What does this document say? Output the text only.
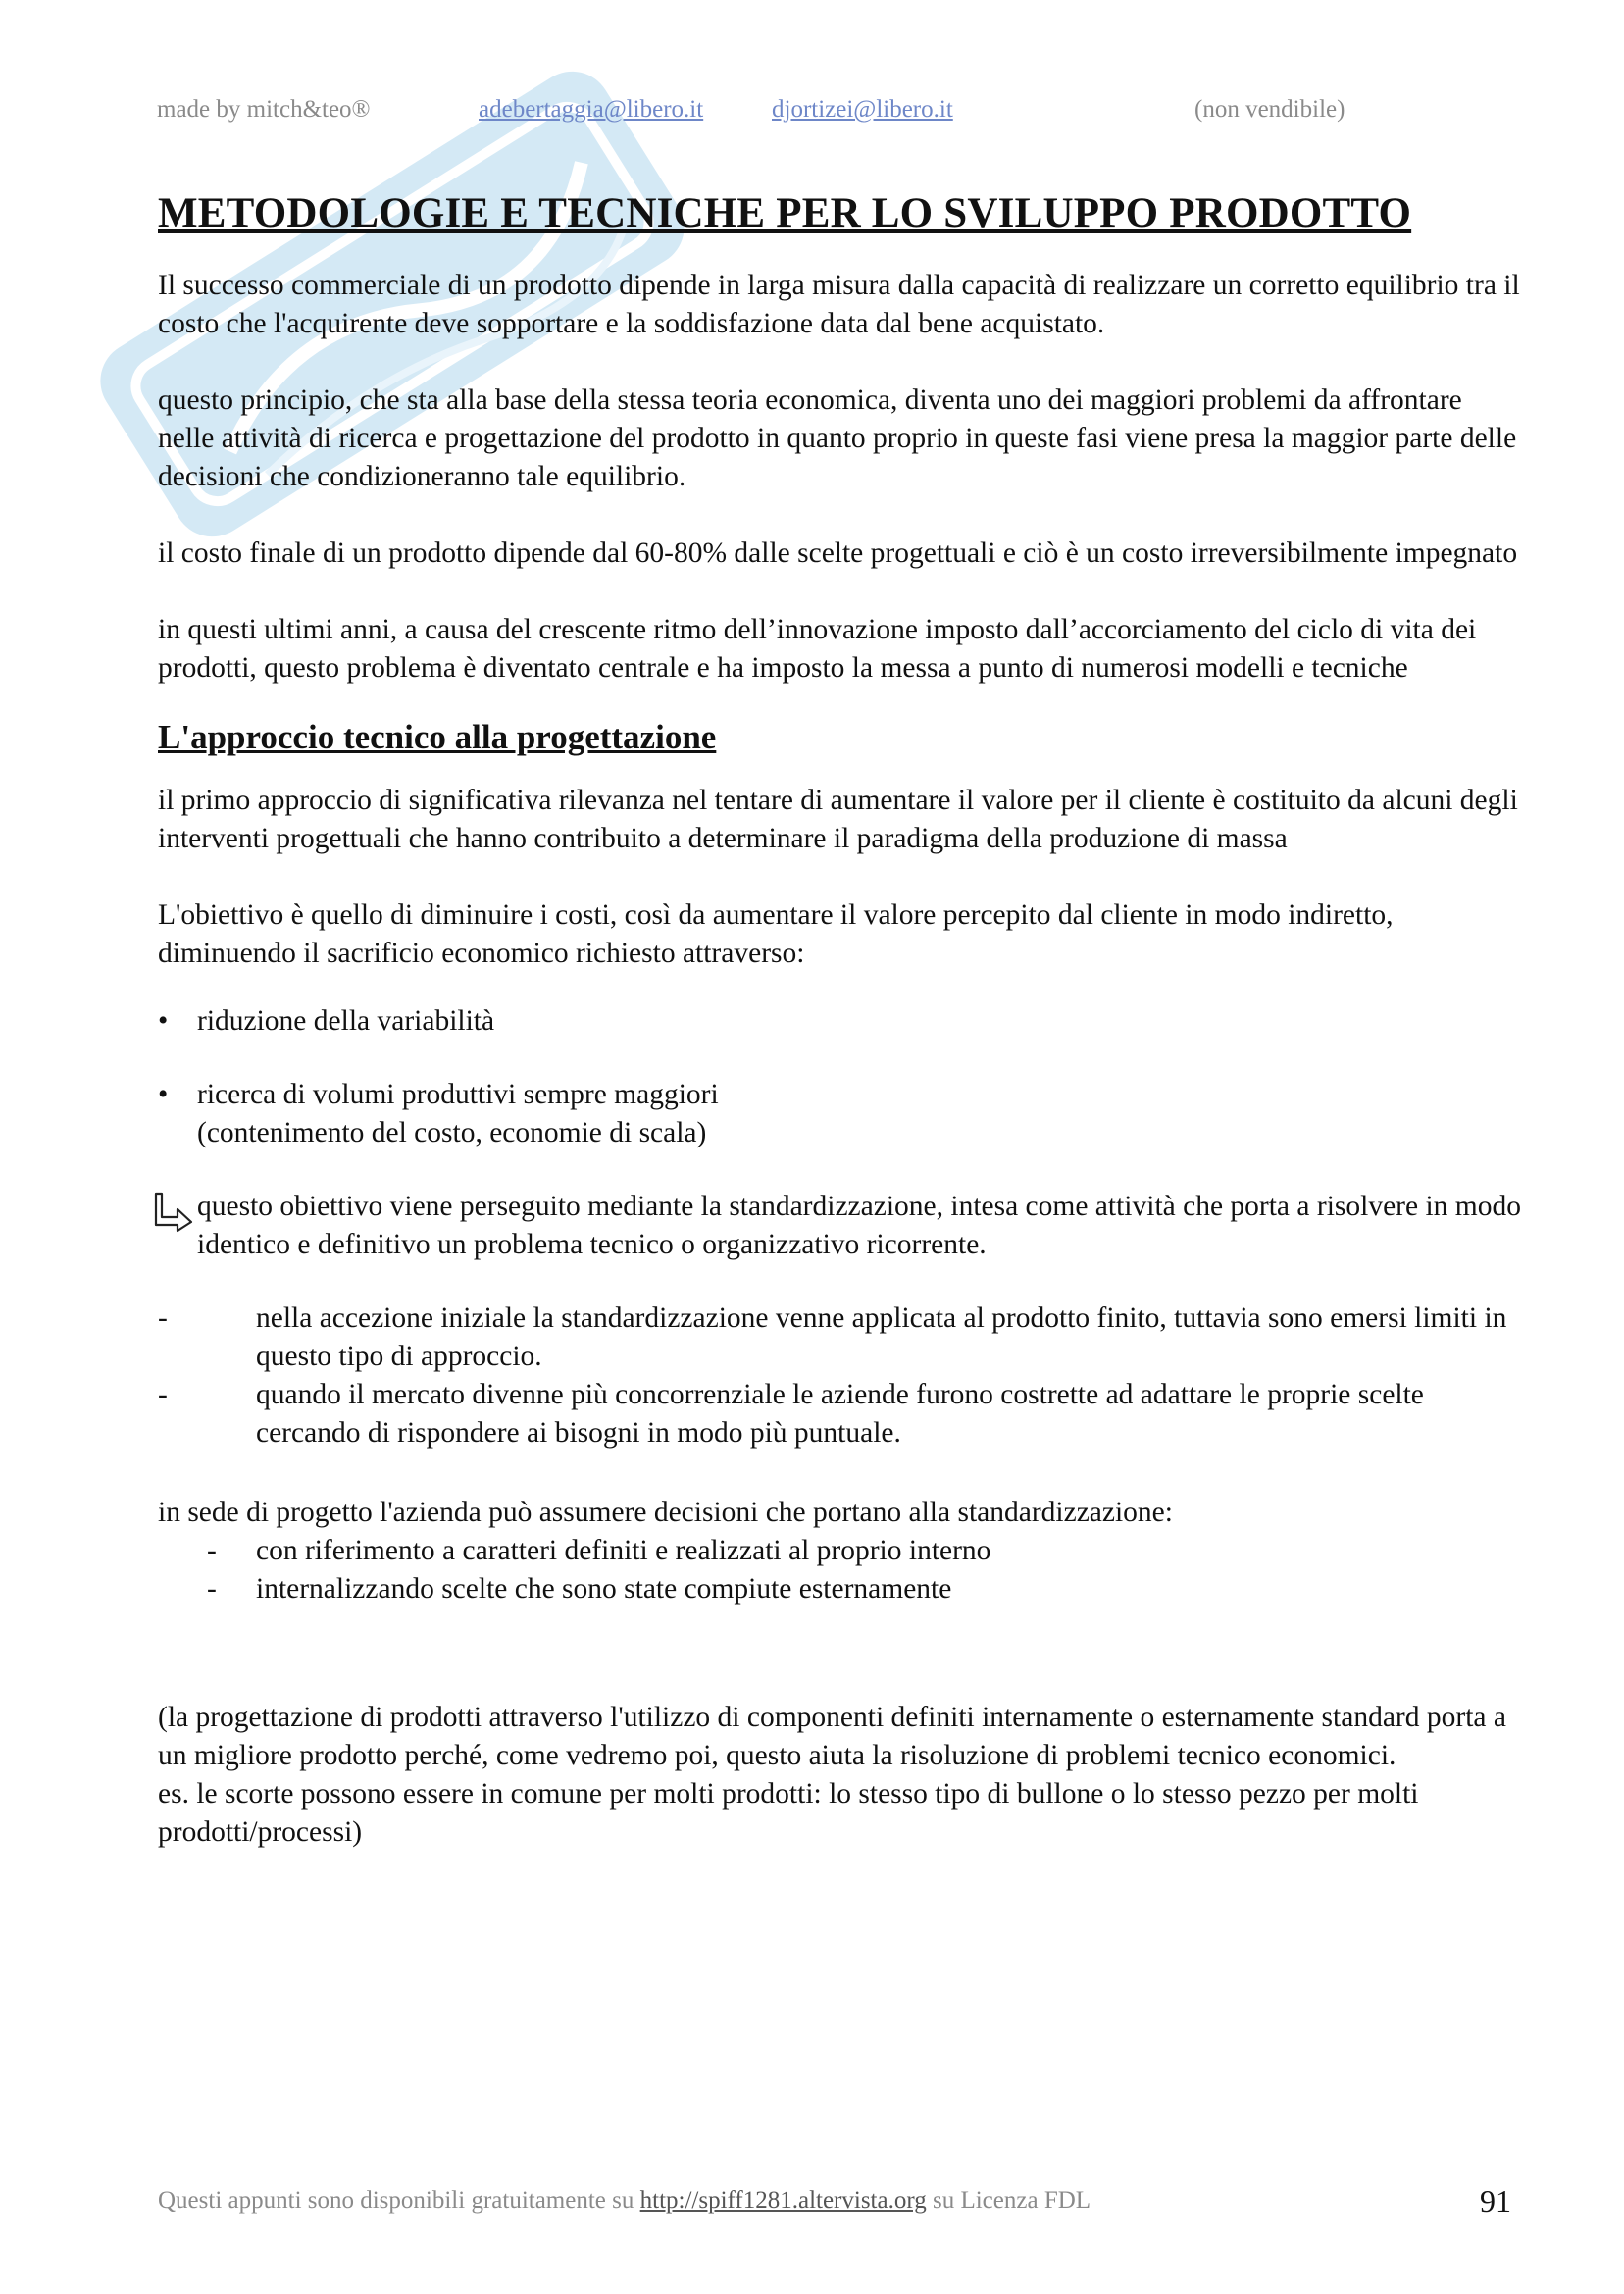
made by mitch&teo®	adebertaggia@libero.it	djortizei@libero.it	(non vendibile)
METODOLOGIE E TECNICHE PER LO SVILUPPO PRODOTTO

Il successo commerciale di un prodotto dipende in larga misura dalla capacità di realizzare un corretto equilibrio tra il costo che l'acquirente deve sopportare e la soddisfazione data dal bene acquistato.

questo principio, che sta alla base della stessa teoria economica, diventa uno dei maggiori problemi da affrontare nelle attività di ricerca e progettazione del prodotto in quanto proprio in queste fasi viene presa la maggior parte delle decisioni che condizioneranno tale equilibrio.

il costo finale di un prodotto dipende dal 60-80% dalle scelte progettuali e ciò è un costo irreversibilmente impegnato

in questi ultimi anni, a causa del crescente ritmo dell’innovazione imposto dall’accorciamento del ciclo di vita dei prodotti, questo problema è diventato centrale e ha imposto la messa a punto di numerosi modelli e tecniche

L'approccio tecnico alla progettazione

il primo approccio di significativa rilevanza nel tentare di aumentare il valore per il cliente è costituito da alcuni degli interventi progettuali che hanno contribuito a determinare il paradigma della produzione di massa

L'obiettivo è quello di diminuire i costi, così da aumentare il valore percepito dal cliente in modo indiretto, diminuendo il sacrificio economico richiesto attraverso:

• riduzione della variabilità
• ricerca di volumi produttivi sempre maggiori
(contenimento del costo, economie di scala)
questo obiettivo viene perseguito mediante la standardizzazione, intesa come attività che porta a risolvere in modo identico e definitivo un problema tecnico o organizzativo ricorrente.
-	nella accezione iniziale la standardizzazione venne applicata al prodotto finito, tuttavia sono emersi limiti in questo tipo di approccio.
-	quando il mercato divenne più concorrenziale le aziende furono costrette ad adattare le proprie scelte cercando di rispondere ai bisogni in modo più puntuale.

in sede di progetto l'azienda può assumere decisioni che portano alla standardizzazione:

- con riferimento a caratteri definiti e realizzati al proprio interno
- internalizzando scelte che sono state compiute esternamente
(la progettazione di prodotti attraverso l'utilizzo di componenti definiti internamente o esternamente standard porta a un migliore prodotto perché, come vedremo poi, questo aiuta la risoluzione di problemi tecnico economici.
es. le scorte possono essere in comune per molti prodotti: lo stesso tipo di bullone o lo stesso pezzo per molti prodotti/processi)
Questi appunti sono disponibili gratuitamente su http://spiff1281.altervista.org su Licenza FDL	91
